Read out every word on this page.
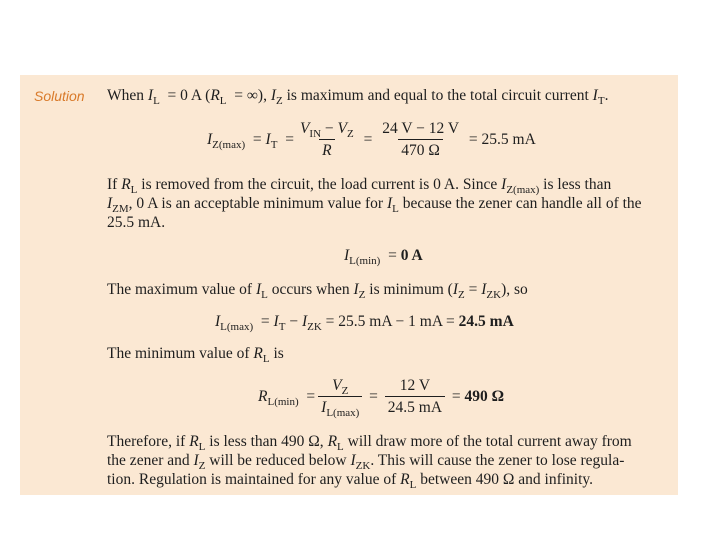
Solution When $I_L = 0$ A ($R_L$  = ∞), $I_Z$ is maximum and equal to the total circuit current $I_T$.
$I_{Z(max)} = I_T = \frac{V_{IN} - V_Z}{R} = \frac{24 V - 12 V}{470 \Omega} = 25.5$ mA
If $R_L$ is removed from the circuit, the load current is 0 A. Since $I_{Z(max)}$ is less than
$I_{ZM}$, 0 A is an acceptable minimum value for $I_L$ because the zener can handle all of the
25.5 mA.
$I_{L(min)} = 0$ A
The maximum value of $I_L$ occurs when $I_Z$ is minimum $(I_Z = I_{ZK})$, so
$I_{L(max)} = I_T - I_{ZK} = 25.5$ mA − 1 mA = 24.5 mA
The minimum value of $R_L$ is
$R_{L(min)} = \frac{V_Z}{I_{L(max)}} = \frac{12 V}{24.5 mA} = 490$ Ω
Therefore, if $R_L$ is less than 490 Ω, $R_L$ will draw more of the total current away from
the zener and $I_Z$ will be reduced below $I_{ZK}$. This will cause the zener to lose regula-
tion. Regulation is maintained for any value of $R_L$ between 490 Ω and infinity.
